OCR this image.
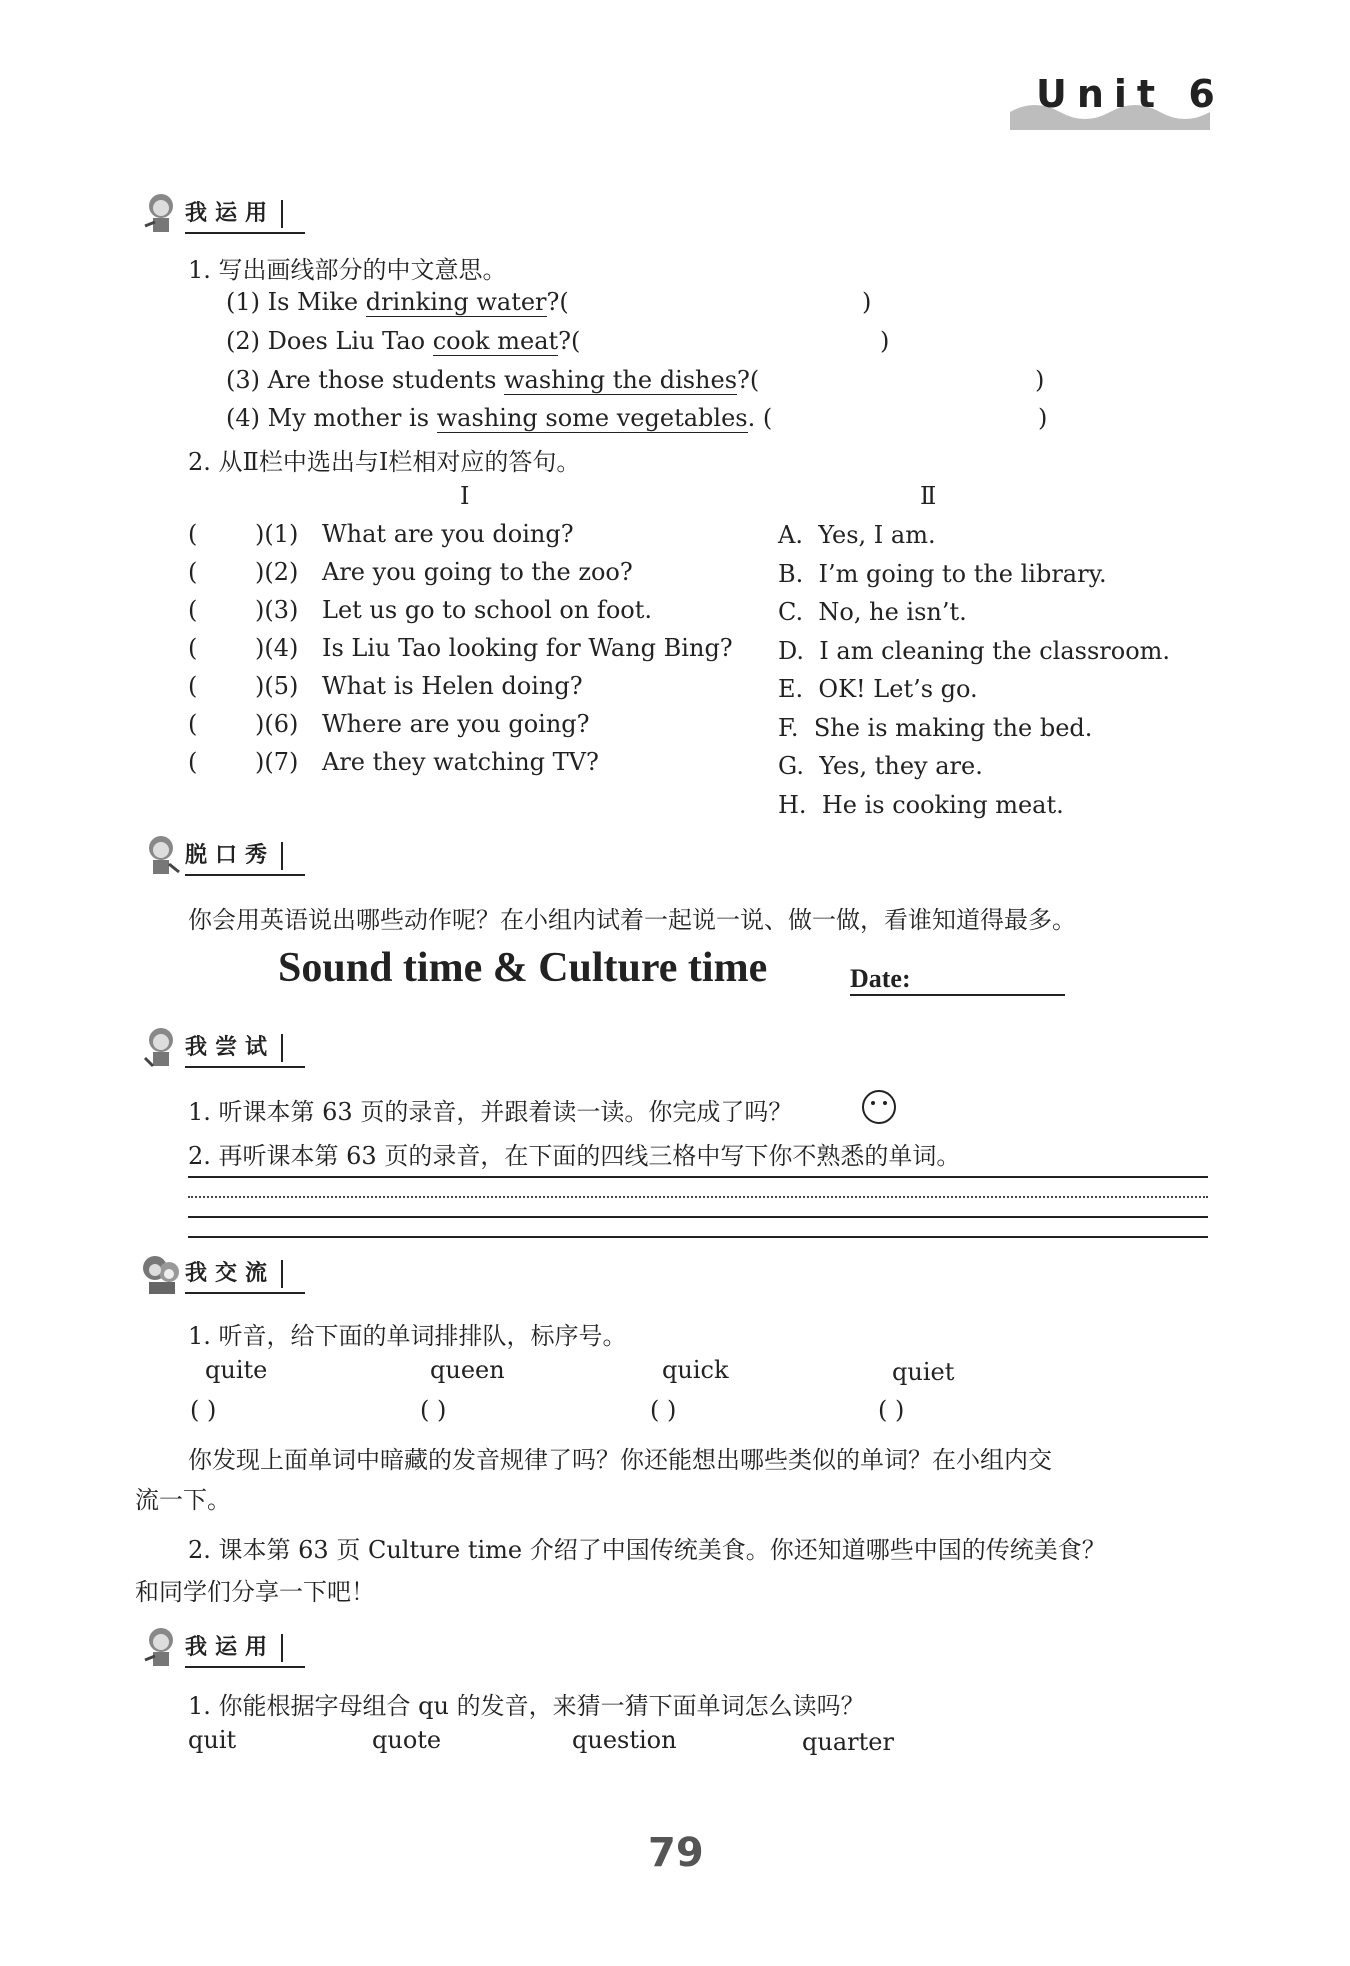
Unit 6
我运用
1. 写出画线部分的中文意思。
(1) Is Mike drinking water?(	)
(2) Does Liu Tao cook meat?(	)
(3) Are those students washing the dishes?(	)
(4) My mother is washing some vegetables. (	)
2. 从Ⅱ栏中选出与Ⅰ栏相对应的答句。
Ⅰ	Ⅱ
( )(1) What are you doing?
( )(2) Are you going to the zoo?
( )(3) Let us go to school on foot.
( )(4) Is Liu Tao looking for Wang Bing?
( )(5) What is Helen doing?
( )(6) Where are you going?
( )(7) Are they watching TV?
A. Yes, I am.
B. I’m going to the library.
C. No, he isn’t.
D. I am cleaning the classroom.
E. OK! Let’s go.
F. She is making the bed.
G. Yes, they are.
H. He is cooking meat.
脱口秀
你会用英语说出哪些动作呢？在小组内试着一起说一说、做一做，看谁知道得最多。
Sound time & Culture time	Date:
我尝试
1. 听课本第 63 页的录音，并跟着读一读。你完成了吗？
2. 再听课本第 63 页的录音，在下面的四线三格中写下你不熟悉的单词。
我交流
1. 听音，给下面的单词排排队，标序号。
quite	queen	quick	quiet
( )	( )	( )	( )
你发现上面单词中暗藏的发音规律了吗？你还能想出哪些类似的单词？在小组内交
流一下。
2. 课本第 63 页 Culture time 介绍了中国传统美食。你还知道哪些中国的传统美食？
和同学们分享一下吧！
我运用
1. 你能根据字母组合 qu 的发音，来猜一猜下面单词怎么读吗？
quit	quote	question	quarter
79
